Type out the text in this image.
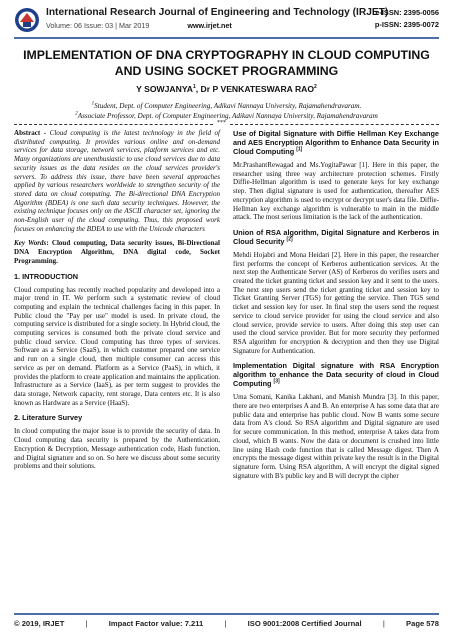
International Research Journal of Engineering and Technology (IRJET)
Volume: 06 Issue: 03 | Mar 2019	www.irjet.net
e-ISSN: 2395-0056
p-ISSN: 2395-0072
IMPLEMENTATION OF DNA CRYPTOGRAPHY IN CLOUD COMPUTING AND USING SOCKET PROGRAMMING
Y SOWJANYA$^1$, Dr P VENKATESWARA RAO$^2$
$^1$Student, Dept. of Computer Engineering, Adikavi Nannaya University, Rajamahendravaram.
$^2$Associate Professor, Dept. of Computer Engineering, Adikavi Nannaya University, Rajamahendravaram
***

Abstract - Cloud computing is the latest technology in the field of distributed computing. It provides various online and on-demand services for data storage, network services, platform services and etc. Many organizations are unenthusiastic to use cloud services due to data security issues as the data resides on the cloud services provider's servers. To address this issue, there have been several approaches applied by various researchers worldwide to strengthen security of the stored data on cloud computing. The Bi-directional DNA Encryption Algorithm (BDEA) is one such data security techniques. However, the existing technique focuses only on the ASCII character set, ignoring the non-English user of the cloud computing. Thus, this proposed work focuses on enhancing the BDEA to use with the Unicode characters

Key Words: Cloud computing, Data security issues, Bi-Directional DNA Encryption Algorithm, DNA digital code, Socket Programming.

1. INTRODUCTION

Cloud computing has recently reached popularity and developed into a major trend in IT. We perform such a systematic review of cloud computing and explain the technical challenges facing in this paper. In Public cloud the "Pay per use" model is used. In private cloud, the computing service is distributed for a single society. In Hybrid cloud, the computing services is consumed both the private cloud service and public cloud service. Cloud computing has three types of services. Software as a Service (SaaS), in which customer prepared one service and run on a single cloud, then multiple consumer can access this service as per on demand. Platform as a Service (PaaS), in which, it provides the platform to create application and maintains the application. Infrastructure as a Service (IaaS), as per term suggest to provides the data storage, Network capacity, rent storage, Data centers etc. It is also known as Hardware as a Service (HaaS).

2. Literature Survey

In cloud computing the major issue is to provide the security of data. In Cloud computing data security is prepared by the Authentication, Encryption & Decryption, Message authentication code, Hash function, and Digital signature and so on. So here we discuss about some security problems and their solutions.

Use of Digital Signature with Diffie Hellman Key Exchange and AES Encryption Algorithm to Enhance Data Security in Cloud Computing [1]

Mr.PrashantRewagad and Ms.YogitaPawar [1]. Here in this paper, the researcher using three way architecture protection schemes. Firstly Diffie-Hellman algorithm is used to generate keys for key exchange step. Then digital signature is used for authentication, thereafter AES encryption algorithm is used to encrypt or decrypt user's data file. Diffie- Hellman key exchange algorithm is vulnerable to main in the middle attack. The most serious limitation is the lack of the authentication.

Union of RSA algorithm, Digital Signature and Kerberos in Cloud Security [2]

Mehdi Hojabri and Mona Heidari [2]. Here in this paper, the researcher first performs the concept of Kerberos authentication services. At the next step the Authenticate Server (AS) of Kerberos do verifies users and created the ticket granting ticket and session key and it sent to the users. The next step users send the ticket granting ticket and session key to Ticket Granting Server (TGS) for getting the service. Then TGS send ticket and session key for user. In final step the users send the request service to cloud service provider for using the cloud service and also cloud service, provide service to users. After doing this step user can used the cloud service provider. But for more security they performed RSA algorithm for encryption & decryption and then they use Digital Signature for Authentication.

Implementation Digital signature with RSA Encryption algorithm to enhance the Data security of cloud in Cloud Computing [3]

Uma Somani, Kanika Lakhani, and Manish Mundra [3]. In this paper, there are two enterprises A and B. An enterprise A has some data that are public data and enterprise has public cloud. Now B wants some secure data from A's cloud. So RSA algorithm and Digital signature are used for secure communication. In this method, enterprise A takes data from cloud, which B wants. Now the data or document is crushed into little line using Hash code function that is called Message digest. Then A encrypts the message digest within private key the result is in the Digital signature form. Using RSA algorithm, A will encrypt the digital signed signature with B's public key and B will decrypt the cipher

© 2019, IRJET	|	Impact Factor value: 7.211	|	ISO 9001:2008 Certified Journal	|	Page 578
